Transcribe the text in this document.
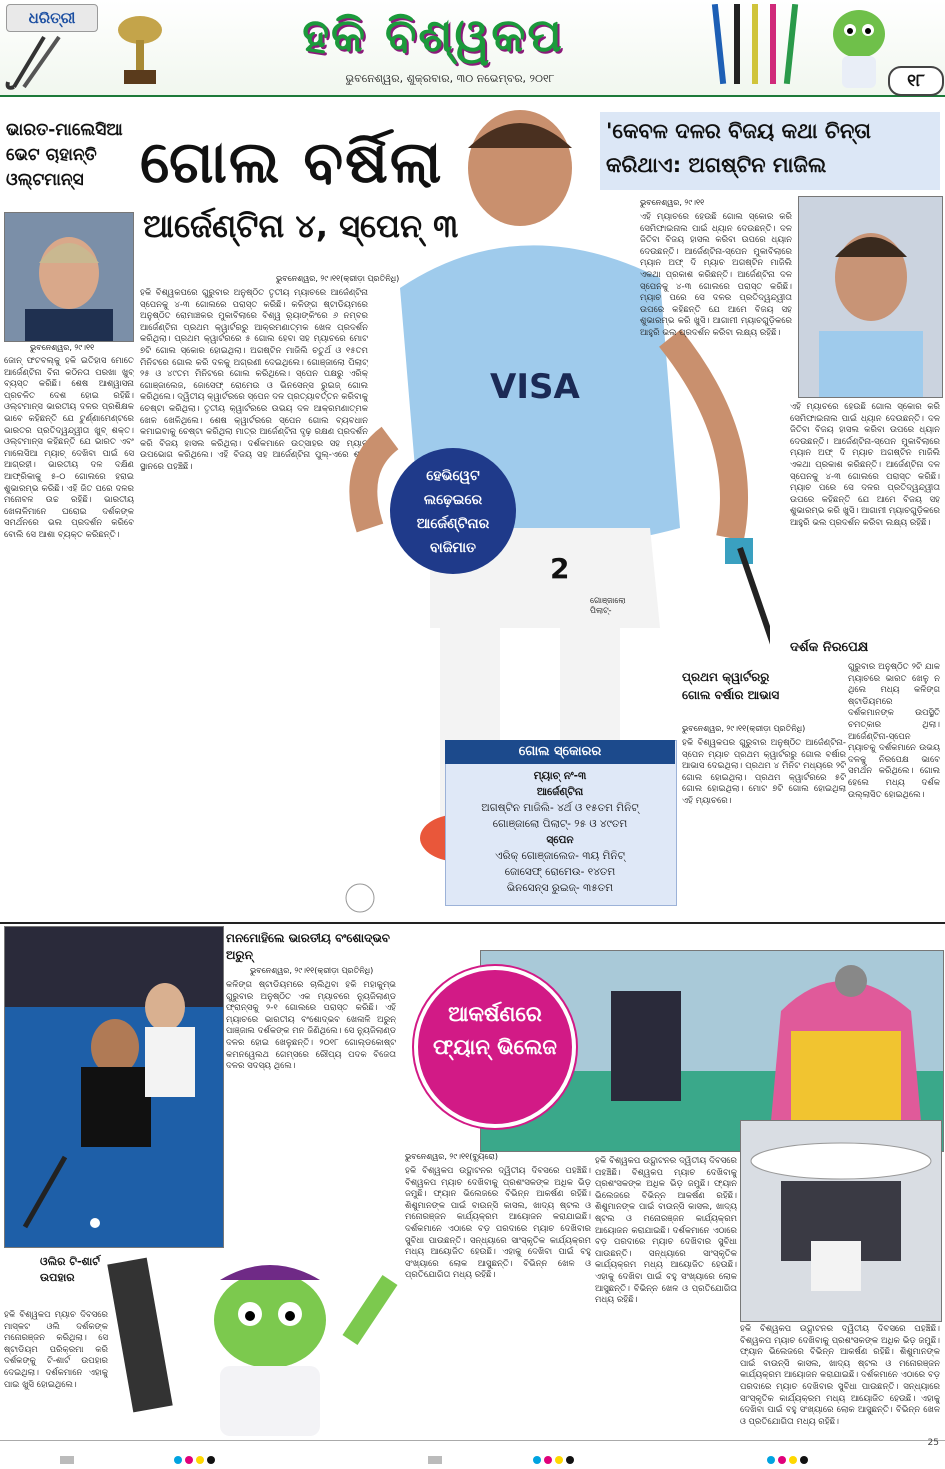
ଧରିତ୍ରୀ	ହକି ବିଶ୍ୱକପ
ଭୁବନେଶ୍ୱର, ଶୁକ୍ରବାର, ୩୦ ନଭେମ୍ବର, ୨୦୧୮	୧୮
ଭାରତ-ମାଲେସିଆ ଭେଟ ଚାହାନ୍ତି ଓଲ୍ଟମାନ୍ସ
ଭୁବନେଶ୍ୱର, ୨୯।୧୧
ଜୋନ୍ ଫଟବଲ୍କୁ ହକି ଇତିହାସ ମୋତେ ଆର୍ଜେଣ୍ଟିନା ବିନା କଠିନତା ପରଖା ଖୁବ୍ ବ୍ୟସ୍ତ କରିଛି। ଶେଷ ଆଶ୍ୱାସନା ପ୍ରଚଳିତ ଦେଶ ହୋଇ ରହିଛି। ଓଲ୍ଟମାନ୍ସ ଭାରତୀୟ ଦଳର ପ୍ରଶିକ୍ଷକ ଭାବେ କହିଛନ୍ତି ଯେ ଟୁର୍ଣ୍ଣାମେଣ୍ଟରେ ଭାରତର ପ୍ରତିଦ୍ୱନ୍ଦ୍ୱୀତା ଖୁବ୍ ଶକ୍ତ। ଓଲ୍ଟମାନ୍ସ କହିଛନ୍ତି ଯେ ଭାରତ ଏବଂ ମାଲେସିଆ ମ୍ୟାଚ୍ ଦେଖିବା ପାଇଁ ସେ ଆଗ୍ରହୀ। ଭାରତୀୟ ଦଳ ଦକ୍ଷିଣ ଆଫ୍ରିକାକୁ ୫-୦ ଗୋଲରେ ହରାଇ ଶୁଭାରମ୍ଭ କରିଛି। ଏହି ଜିତ ପରେ ଦଳର ମନୋବଳ ଉଚ୍ଚ ରହିଛି। ଭାରତୀୟ ଖେଳାଳିମାନେ ଘରୋଇ ଦର୍ଶକଙ୍କ ସମର୍ଥନରେ ଭଲ ପ୍ରଦର୍ଶନ କରିବେ ବୋଲି ସେ ଆଶା ବ୍ୟକ୍ତ କରିଛନ୍ତି।
ଗୋଲ ବର୍ଷିଲା
ଆର୍ଜେଣ୍ଟିନା ୪, ସ୍ପେନ୍ ୩
ଭୁବନେଶ୍ୱର, ୨୯।୧୧(କ୍ରୀଡ଼ା ପ୍ରତିନିଧି)
ହକି ବିଶ୍ୱକପରେ ଗୁରୁବାର ଅନୁଷ୍ଠିତ ତୃତୀୟ ମ୍ୟାଚରେ ଆର୍ଜେଣ୍ଟିନା ସ୍ପେନକୁ ୪-୩ ଗୋଲରେ ପରାସ୍ତ କରିଛି। କଳିଙ୍ଗ ଷ୍ଟାଡିୟମରେ ଅନୁଷ୍ଠିତ ରୋମାଞ୍ଚକର ମୁକାବିଲାରେ ବିଶ୍ୱ ର଼୍ୟାଙ୍କିଂରେ ୬ ନମ୍ବର ଆର୍ଜେଣ୍ଟିନା ପ୍ରଥମ କ୍ୱାର୍ଟରରୁ ଆକ୍ରମଣାତ୍ମକ ଖେଳ ପ୍ରଦର୍ଶନ କରିଥିଲା। ପ୍ରଥମ କ୍ୱାର୍ଟରରେ ୫ ଗୋଲ ହେବା ସହ ମ୍ୟାଚରେ ମୋଟ ୭ଟି ଗୋଲ ସ୍କୋର ହୋଇଥିଲା। ଅଗଷ୍ଟିନ ମାଜିଲି ଚତୁର୍ଥ ଓ ୧୫ତମ ମିନିଟରେ ଗୋଲ କରି ଦଳକୁ ଅଗ୍ରଣୀ ଦେଇଥିଲେ। ଗୋଞ୍ଜାଲୋ ପିଲାଟ୍ ୨୫ ଓ ୪୯ତମ ମିନିଟରେ ଗୋଲ କରିଥିଲେ। ସ୍ପେନ ପକ୍ଷରୁ ଏରିକ୍ ଗୋଞ୍ଜାଲେଜ, ଜୋସେଫ୍ ରୋମେଉ ଓ ଭିନସେନ୍ସ ରୁଇଜ୍ ଗୋଲ କରିଥିଲେ। ଦ୍ୱିତୀୟ କ୍ୱାର୍ଟରରେ ସ୍ପେନ ଦଳ ପ୍ରତ୍ୟାବର୍ତ୍ତନ କରିବାକୁ ଚେଷ୍ଟା କରିଥିଲା। ତୃତୀୟ କ୍ୱାର୍ଟରରେ ଉଭୟ ଦଳ ଆକ୍ରମଣାତ୍ମକ ଖେଳ ଖେଳିଥିଲେ। ଶେଷ କ୍ୱାର୍ଟରରେ ସ୍ପେନ ଗୋଲ ବ୍ୟବଧାନ କମାଇବାକୁ ଚେଷ୍ଟା କରିଥିଲା ମାତ୍ର ଆର୍ଜେଣ୍ଟିନା ଦୃଢ଼ ରକ୍ଷଣ ପ୍ରଦର୍ଶନ କରି ବିଜୟ ହାସଲ କରିଥିଲା। ଦର୍ଶକମାନେ ଉତ୍ସାହର ସହ ମ୍ୟାଚ ଉପଭୋଗ କରିଥିଲେ। ଏହି ବିଜୟ ସହ ଆର୍ଜେଣ୍ଟିନା ପୁଲ୍-ଏରେ ଶୀର୍ଷ ସ୍ଥାନରେ ପହଞ୍ଚିଛି।
VISA
2
ଗୋଞ୍ଜାଲୋ ପିଲାଟ୍-
'କେବଳ ଦଳର ବିଜୟ କଥା ଚିନ୍ତା କରିଥାଏ: ଅଗଷ୍ଟିନ ମାଜିଲ
ଭୁବନେଶ୍ୱର, ୨୯।୧୧
ଏହି ମ୍ୟାଚରେ ହେଉଛି ଗୋଲ ସ୍କୋର କରି ସେମିଫାଇନାଲ ପାଇଁ ଧ୍ୟାନ ଦେଉଛନ୍ତି। ଦଳ ଜିତିବା ବିଜୟ ହାସଲ କରିବା ଉପରେ ଧ୍ୟାନ ଦେଉଛନ୍ତି। ଆର୍ଜେଣ୍ଟିନା-ସ୍ପେନ ମୁକାବିଲାରେ ମ୍ୟାନ ଅଫ୍ ଦି ମ୍ୟାଚ ଅଗଷ୍ଟିନ ମାଜିଲି ଏକଥା ପ୍ରକାଶ କରିଛନ୍ତି। ଆର୍ଜେଣ୍ଟିନା ଦଳ ସ୍ପେନକୁ ୪-୩ ଗୋଲରେ ପରାସ୍ତ କରିଛି। ମ୍ୟାଚ ପରେ ସେ ଦଳର ପ୍ରତିଦ୍ୱନ୍ଦ୍ୱୀତା ଉପରେ କହିଛନ୍ତି ଯେ ଆମେ ବିଜୟ ସହ ଶୁଭାରମ୍ଭ କରି ଖୁସି। ଆଗାମୀ ମ୍ୟାଚଗୁଡ଼ିକରେ ଆହୁରି ଭଲ ପ୍ରଦର୍ଶନ କରିବା ଲକ୍ଷ୍ୟ ରହିଛି।
ଏହି ମ୍ୟାଚରେ ହେଉଛି ଗୋଲ ସ୍କୋର କରି ସେମିଫାଇନାଲ ପାଇଁ ଧ୍ୟାନ ଦେଉଛନ୍ତି। ଦଳ ଜିତିବା ବିଜୟ ହାସଲ କରିବା ଉପରେ ଧ୍ୟାନ ଦେଉଛନ୍ତି। ଆର୍ଜେଣ୍ଟିନା-ସ୍ପେନ ମୁକାବିଲାରେ ମ୍ୟାନ ଅଫ୍ ଦି ମ୍ୟାଚ ଅଗଷ୍ଟିନ ମାଜିଲି ଏକଥା ପ୍ରକାଶ କରିଛନ୍ତି। ଆର୍ଜେଣ୍ଟିନା ଦଳ ସ୍ପେନକୁ ୪-୩ ଗୋଲରେ ପରାସ୍ତ କରିଛି। ମ୍ୟାଚ ପରେ ସେ ଦଳର ପ୍ରତିଦ୍ୱନ୍ଦ୍ୱୀତା ଉପରେ କହିଛନ୍ତି ଯେ ଆମେ ବିଜୟ ସହ ଶୁଭାରମ୍ଭ କରି ଖୁସି। ଆଗାମୀ ମ୍ୟାଚଗୁଡ଼ିକରେ ଆହୁରି ଭଲ ପ୍ରଦର୍ଶନ କରିବା ଲକ୍ଷ୍ୟ ରହିଛି।
ହେଭିୱେଟ ଲଢ଼େଇରେ ଆର୍ଜେଣ୍ଟିନାର ବାଜିମାତ
ଗୋଲ ସ୍କୋରର
ମ୍ୟାଚ୍ ନଂ-୩
ଆର୍ଜେଣ୍ଟିନା
ଅଗଷ୍ଟିନ ମାଜିଲି- ୪ର୍ଥ ଓ ୧୫ତମ ମିନିଟ୍
ଗୋଞ୍ଜାଲୋ ପିଲାଟ୍- ୨୫ ଓ ୪୯ତମ
ସ୍ପେନ
ଏରିକ୍ ଗୋଞ୍ଜାଲେଜ- ୩ୟ ମିନିଟ୍
ଜୋସେଫ୍ ରୋମେଉ- ୧୪ତମ
ଭିନସେନ୍ସ ରୁଇଜ୍- ୩୫ତମ
ଦର୍ଶକ ନିରପେକ୍ଷ
ଗୁରୁବାର ଅନୁଷ୍ଠିତ ୨ଟି ଯାକ ମ୍ୟାଚରେ ଭାରତ ଖେଳୁ ନ ଥିଲେ ମଧ୍ୟ କଳିଙ୍ଗ ଷ୍ଟାଡିୟମରେ ଦର୍ଶକମାନଙ୍କ ଉପସ୍ଥିତି ଚମତ୍କାର ଥିଲା। ଆର୍ଜେଣ୍ଟିନା-ସ୍ପେନ ମ୍ୟାଚକୁ ଦର୍ଶକମାନେ ଉଭୟ ଦଳକୁ ନିରପେକ୍ଷ ଭାବେ ସମର୍ଥନ କରିଥିଲେ। ଗୋଲ ହେଲେ ମଧ୍ୟ ଦର୍ଶକ ଉଲ୍ଲାସିତ ହୋଇଥିଲେ।
ପ୍ରଥମ କ୍ୱାର୍ଟରରୁ ଗୋଲ ବର୍ଷାର ଆଭାସ
ଭୁବନେଶ୍ୱର, ୨୯।୧୧(କ୍ରୀଡ଼ା ପ୍ରତିନିଧି)
ହକି ବିଶ୍ୱକପର ଗୁରୁବାର ଅନୁଷ୍ଠିତ ଆର୍ଜେଣ୍ଟିନା-ସ୍ପେନ ମ୍ୟାଚ ପ୍ରଥମ କ୍ୱାର୍ଟରରୁ ଗୋଲ ବର୍ଷାର ଆଭାସ ଦେଇଥିଲା। ପ୍ରଥମ ୪ ମିନିଟ ମଧ୍ୟରେ ୨ଟି ଗୋଲ ହୋଇଥିଲା। ପ୍ରଥମ କ୍ୱାର୍ଟରରେ ୫ଟି ଗୋଲ ହୋଇଥିଲା। ମୋଟ ୭ଟି ଗୋଲ ହୋଇଥିଲା ଏହି ମ୍ୟାଚରେ।
ମନମୋହିଲେ ଭାରତୀୟ ବଂଶୋଦ୍ଭବ ଅରୁନ୍
ଭୁବନେଶ୍ୱର, ୨୯।୧୧(କ୍ରୀଡ଼ା ପ୍ରତିନିଧି)
କଳିଙ୍ଗ ଷ୍ଟାଡିୟମରେ ଚାଲିଥିବା ହକି ମହାକୁମ୍ଭ ଗୁରୁବାର ଅନୁଷ୍ଠିତ ଏକ ମ୍ୟାଚରେ ନ୍ୟୁଜିଲାଣ୍ଡ ଫ୍ରାନ୍ସକୁ ୨-୧ ଗୋଲରେ ପରାସ୍ତ କରିଛି। ଏହି ମ୍ୟାଚରେ ଭାରତୀୟ ବଂଶୋଦ୍ଭବ ଖେଳାଳି ଅରୁନ୍ ପାଞ୍ଜାଲ ଦର୍ଶକଙ୍କ ମନ ଜିଣିଥିଲେ। ସେ ନ୍ୟୁଜିଲାଣ୍ଡ ଦଳର ହୋଇ ଖେଳୁଛନ୍ତି। ୨୦୧୮ ଗୋଲ୍ଡକୋଷ୍ଟ କମନୱେଲଥ ଗେମ୍ସରେ ରୌପ୍ୟ ପଦକ ବିଜେତା ଦଳର ସଦସ୍ୟ ଥିଲେ।
ଓଲିର ଟି-ଶାର୍ଟ ଉପହାର
ହକି ବିଶ୍ୱକପ ମ୍ୟାଚ ଦିବସରେ ମାସ୍କଟ ଓଲି ଦର୍ଶକଙ୍କ ମନୋରଞ୍ଜନ କରିଥିଲା। ସେ ଷ୍ଟାଡିୟମ ପରିକ୍ରମା କରି ଦର୍ଶକଙ୍କୁ ଟି-ଶାର୍ଟ ଉପହାର ଦେଇଥିଲା। ଦର୍ଶକମାନେ ଏହାକୁ ପାଇ ଖୁସି ହୋଇଥିଲେ।
ଆକର୍ଷଣରେ ଫ୍ୟାନ୍ ଭିଲେଜ
ଭୁବନେଶ୍ୱର, ୨୯।୧୧(ବ୍ୟୁରୋ)
ହକି ବିଶ୍ୱକପ ଉଦ୍ଘାଟନର ଦ୍ୱିତୀୟ ଦିବସରେ ପହଞ୍ଚିଛି। ବିଶ୍ୱକପ ମ୍ୟାଚ ଦେଖିବାକୁ ପ୍ରଶଂସକଙ୍କ ଅଧିକ ଭିଡ଼ ଜମୁଛି। ଫ୍ୟାନ ଭିଲେଜରେ ବିଭିନ୍ନ ଆକର୍ଷଣ ରହିଛି। ଶିଶୁମାନଙ୍କ ପାଇଁ ବାଉନ୍ସି କାସଲ, ଖାଦ୍ୟ ଷ୍ଟଲ ଓ ମନୋରଞ୍ଜନ କାର୍ଯ୍ୟକ୍ରମ ଆୟୋଜନ କରାଯାଇଛି। ଦର୍ଶକମାନେ ଏଠାରେ ବଡ଼ ପରଦାରେ ମ୍ୟାଚ ଦେଖିବାର ସୁବିଧା ପାଉଛନ୍ତି। ସନ୍ଧ୍ୟାରେ ସାଂସ୍କୃତିକ କାର୍ଯ୍ୟକ୍ରମ ମଧ୍ୟ ଆୟୋଜିତ ହେଉଛି। ଏହାକୁ ଦେଖିବା ପାଇଁ ବହୁ ସଂଖ୍ୟାରେ ଲୋକ ଆସୁଛନ୍ତି। ବିଭିନ୍ନ ଖେଳ ଓ ପ୍ରତିଯୋଗିତା ମଧ୍ୟ ରହିଛି।
ହକି ବିଶ୍ୱକପ ଉଦ୍ଘାଟନର ଦ୍ୱିତୀୟ ଦିବସରେ ପହଞ୍ଚିଛି। ବିଶ୍ୱକପ ମ୍ୟାଚ ଦେଖିବାକୁ ପ୍ରଶଂସକଙ୍କ ଅଧିକ ଭିଡ଼ ଜମୁଛି। ଫ୍ୟାନ ଭିଲେଜରେ ବିଭିନ୍ନ ଆକର୍ଷଣ ରହିଛି। ଶିଶୁମାନଙ୍କ ପାଇଁ ବାଉନ୍ସି କାସଲ, ଖାଦ୍ୟ ଷ୍ଟଲ ଓ ମନୋରଞ୍ଜନ କାର୍ଯ୍ୟକ୍ରମ ଆୟୋଜନ କରାଯାଇଛି। ଦର୍ଶକମାନେ ଏଠାରେ ବଡ଼ ପରଦାରେ ମ୍ୟାଚ ଦେଖିବାର ସୁବିଧା ପାଉଛନ୍ତି। ସନ୍ଧ୍ୟାରେ ସାଂସ୍କୃତିକ କାର୍ଯ୍ୟକ୍ରମ ମଧ୍ୟ ଆୟୋଜିତ ହେଉଛି। ଏହାକୁ ଦେଖିବା ପାଇଁ ବହୁ ସଂଖ୍ୟାରେ ଲୋକ ଆସୁଛନ୍ତି। ବିଭିନ୍ନ ଖେଳ ଓ ପ୍ରତିଯୋଗିତା ମଧ୍ୟ ରହିଛି।
ହକି ବିଶ୍ୱକପ ଉଦ୍ଘାଟନର ଦ୍ୱିତୀୟ ଦିବସରେ ପହଞ୍ଚିଛି। ବିଶ୍ୱକପ ମ୍ୟାଚ ଦେଖିବାକୁ ପ୍ରଶଂସକଙ୍କ ଅଧିକ ଭିଡ଼ ଜମୁଛି। ଫ୍ୟାନ ଭିଲେଜରେ ବିଭିନ୍ନ ଆକର୍ଷଣ ରହିଛି। ଶିଶୁମାନଙ୍କ ପାଇଁ ବାଉନ୍ସି କାସଲ, ଖାଦ୍ୟ ଷ୍ଟଲ ଓ ମନୋରଞ୍ଜନ କାର୍ଯ୍ୟକ୍ରମ ଆୟୋଜନ କରାଯାଇଛି। ଦର୍ଶକମାନେ ଏଠାରେ ବଡ଼ ପରଦାରେ ମ୍ୟାଚ ଦେଖିବାର ସୁବିଧା ପାଉଛନ୍ତି। ସନ୍ଧ୍ୟାରେ ସାଂସ୍କୃତିକ କାର୍ଯ୍ୟକ୍ରମ ମଧ୍ୟ ଆୟୋଜିତ ହେଉଛି। ଏହାକୁ ଦେଖିବା ପାଇଁ ବହୁ ସଂଖ୍ୟାରେ ଲୋକ ଆସୁଛନ୍ତି। ବିଭିନ୍ନ ଖେଳ ଓ ପ୍ରତିଯୋଗିତା ମଧ୍ୟ ରହିଛି।

25
